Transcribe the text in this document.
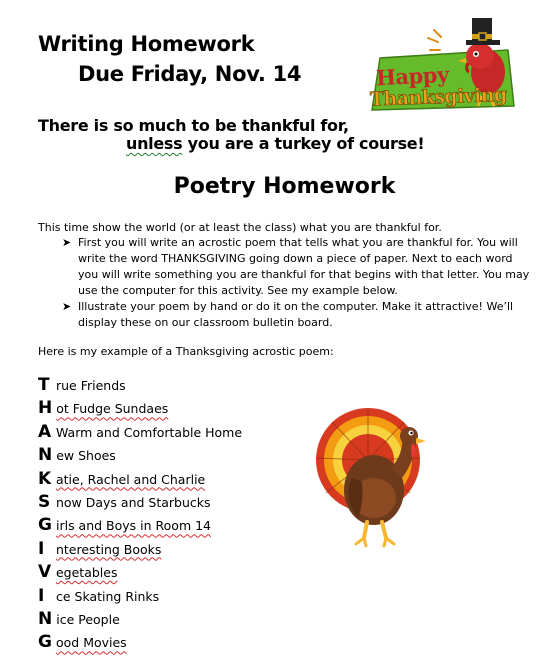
Writing Homework
Due Friday, Nov. 14	Happy
Thanksgiving
There is so much to be thankful for,
unless you are a turkey of course!
Poetry Homework
This time show the world (or at least the class) what you are thankful for.
➤ First you will write an acrostic poem that tells what you are thankful for. You will write the word THANKSGIVING going down a piece of paper. Next to each word you will write something you are thankful for that begins with that letter. You may use the computer for this activity. See my example below.
➤ Illustrate your poem by hand or do it on the computer. Make it attractive! We’ll display these on our classroom bulletin board.
Here is my example of a Thanksgiving acrostic poem:
T rue Friends
H ot Fudge Sundaes
A Warm and Comfortable Home
N ew Shoes
K atie, Rachel and Charlie
S now Days and Starbucks
G irls and Boys in Room 14
I nteresting Books
V egetables
I ce Skating Rinks
N ice People
G ood Movies
